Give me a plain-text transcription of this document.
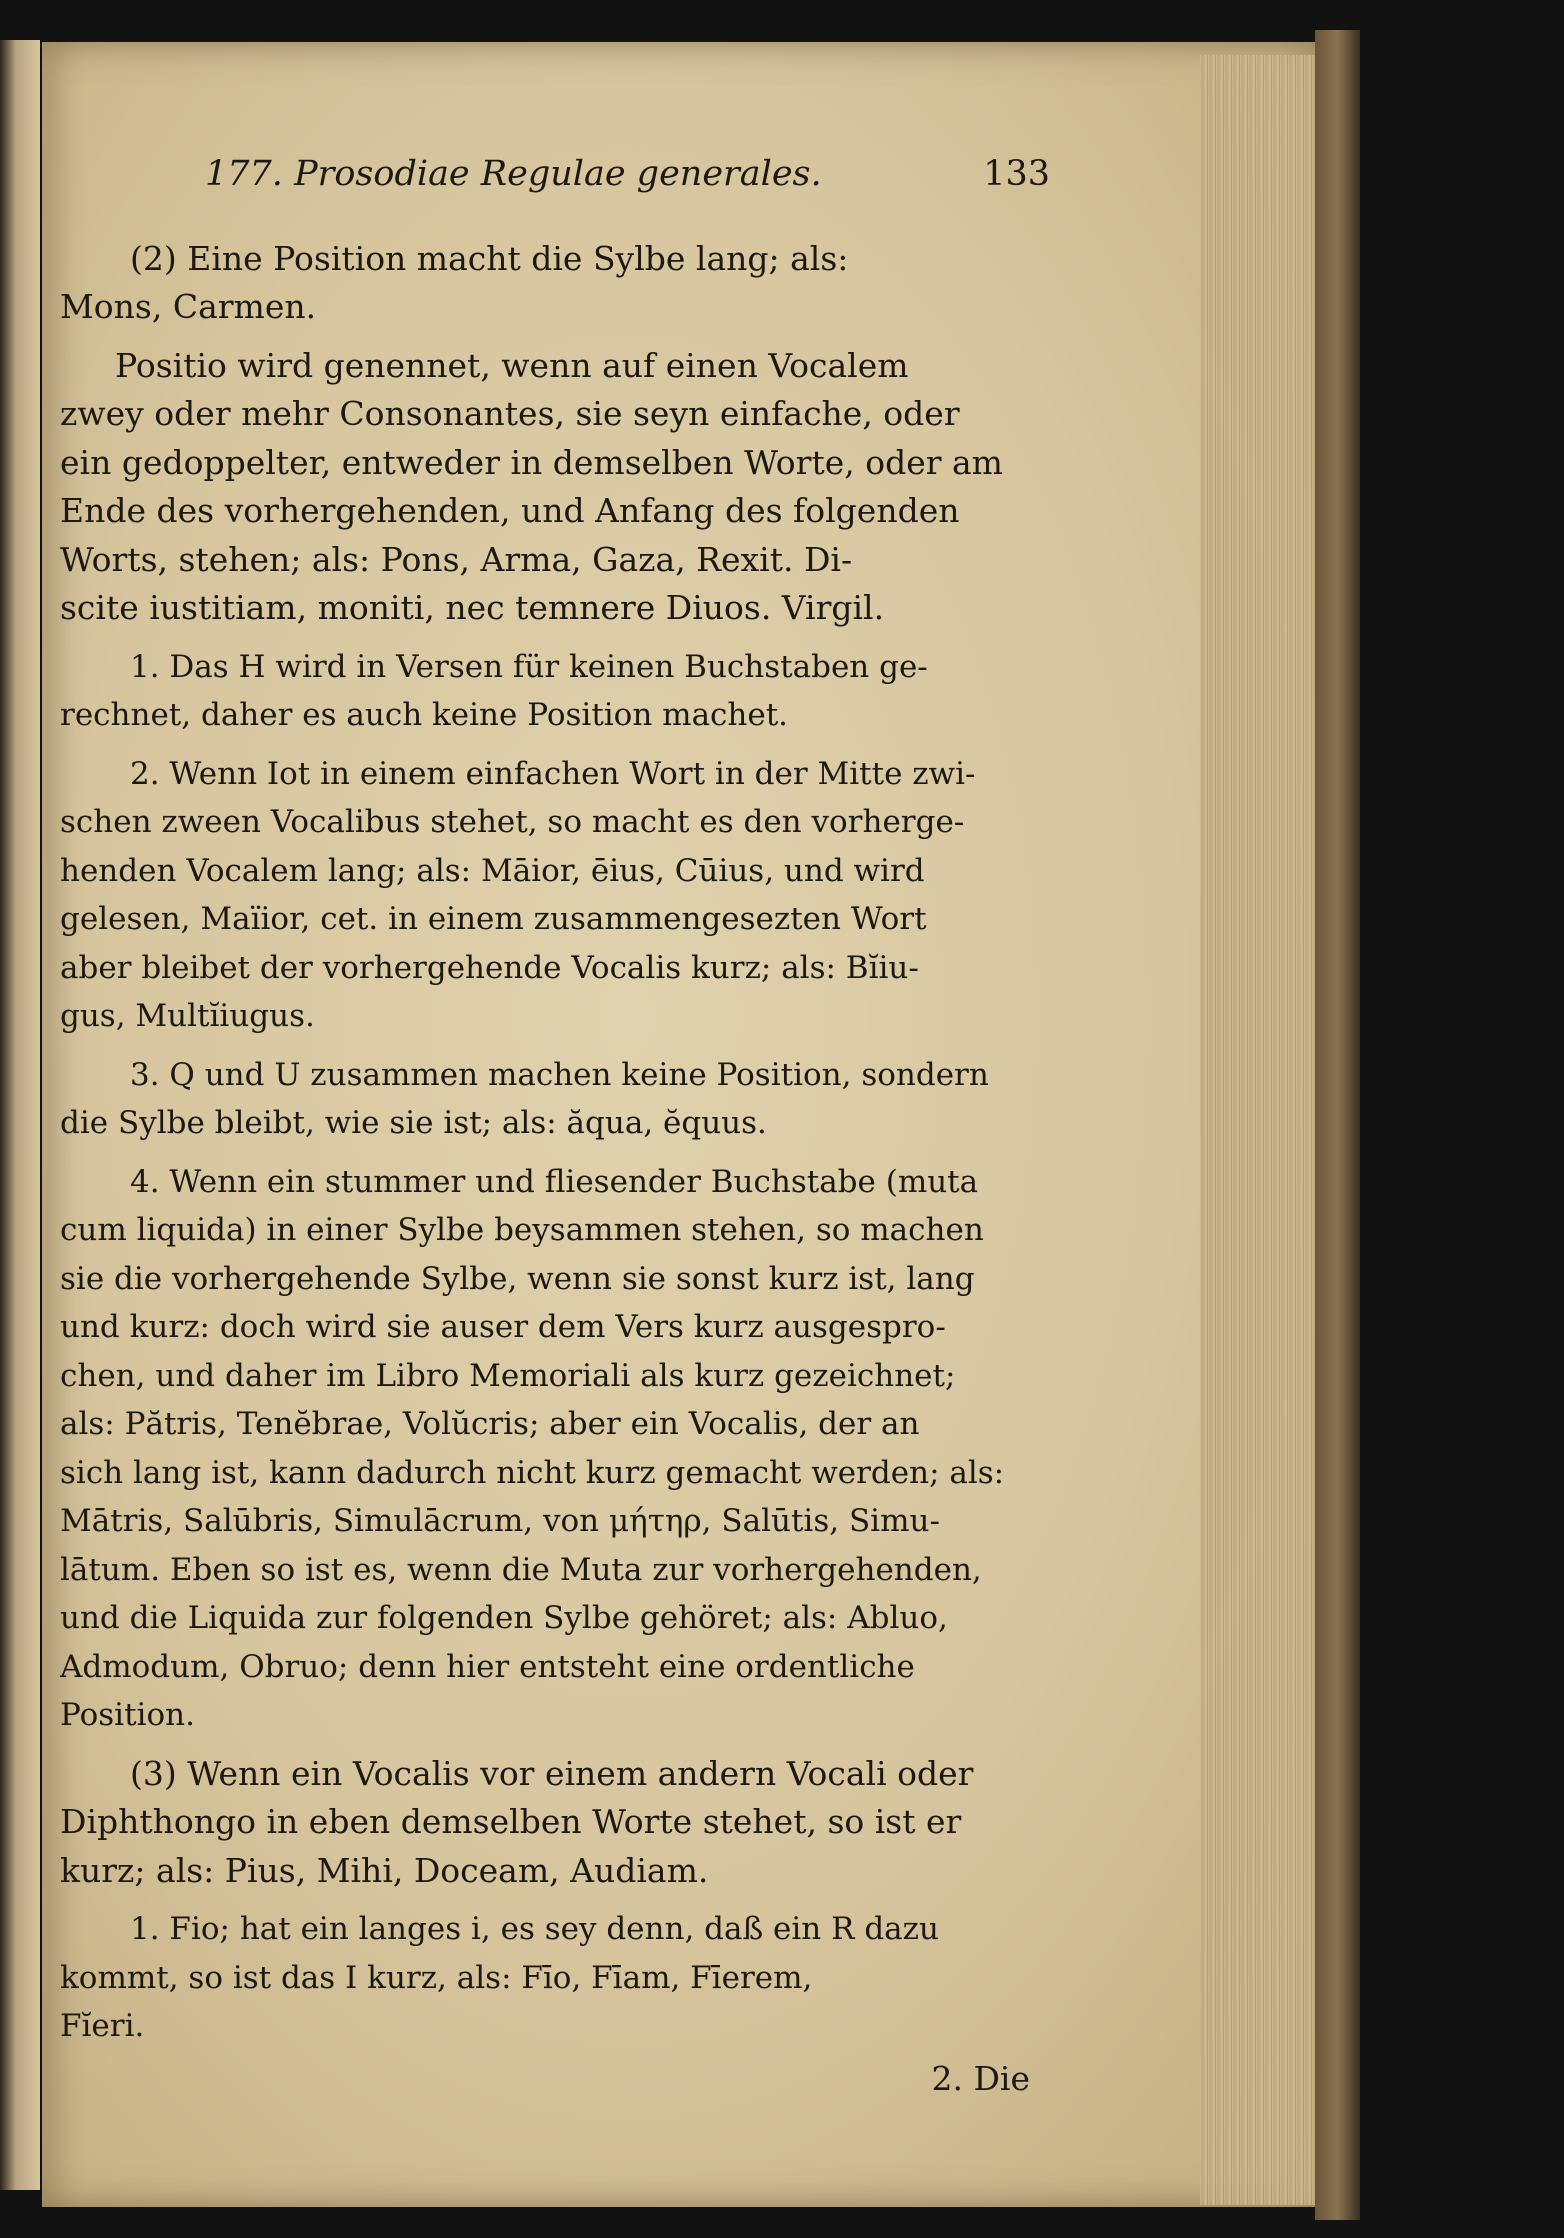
177. Prosodiae Regulae generales.	133
(2) Eine Position macht die Sylbe lang; als:
Mons, Carmen.
Positio wird genennet, wenn auf einen Vocalem
zwey oder mehr Consonantes, sie seyn einfache, oder
ein gedoppelter, entweder in demselben Worte, oder am
Ende des vorhergehenden, und Anfang des folgenden
Worts, stehen; als: Pons, Arma, Gaza, Rexit. Di-
scite iustitiam, moniti, nec temnere Diuos. Virgil.
1. Das H wird in Versen für keinen Buchstaben ge-
rechnet, daher es auch keine Position machet.
2. Wenn Iot in einem einfachen Wort in der Mitte zwi-
schen zween Vocalibus stehet, so macht es den vorherge-
henden Vocalem lang; als: Māior, ēius, Cūius, und wird
gelesen, Maïior, cet. in einem zusammengesezten Wort
aber bleibet der vorhergehende Vocalis kurz; als: Bĭiu-
gus, Multĭiugus.
3. Q und U zusammen machen keine Position, sondern
die Sylbe bleibt, wie sie ist; als: ăqua, ĕquus.
4. Wenn ein stummer und fliesender Buchstabe (muta
cum liquida) in einer Sylbe beysammen stehen, so machen
sie die vorhergehende Sylbe, wenn sie sonst kurz ist, lang
und kurz: doch wird sie auser dem Vers kurz ausgespro-
chen, und daher im Libro Memoriali als kurz gezeichnet;
als: Pătris, Tenĕbrae, Volŭcris; aber ein Vocalis, der an
sich lang ist, kann dadurch nicht kurz gemacht werden; als:
Mātris, Salūbris, Simulācrum, von μήτηρ, Salūtis, Simu-
lātum. Eben so ist es, wenn die Muta zur vorhergehenden,
und die Liquida zur folgenden Sylbe gehöret; als: Abluo,
Admodum, Obruo; denn hier entsteht eine ordentliche
Position.
(3) Wenn ein Vocalis vor einem andern Vocali oder
Diphthongo in eben demselben Worte stehet, so ist er
kurz; als: Pius, Mihi, Doceam, Audiam.
1. Fio; hat ein langes i, es sey denn, daß ein R dazu
kommt, so ist das I kurz, als: Fīo, Fīam, Fīerem,
Fĭeri.
2. Die
